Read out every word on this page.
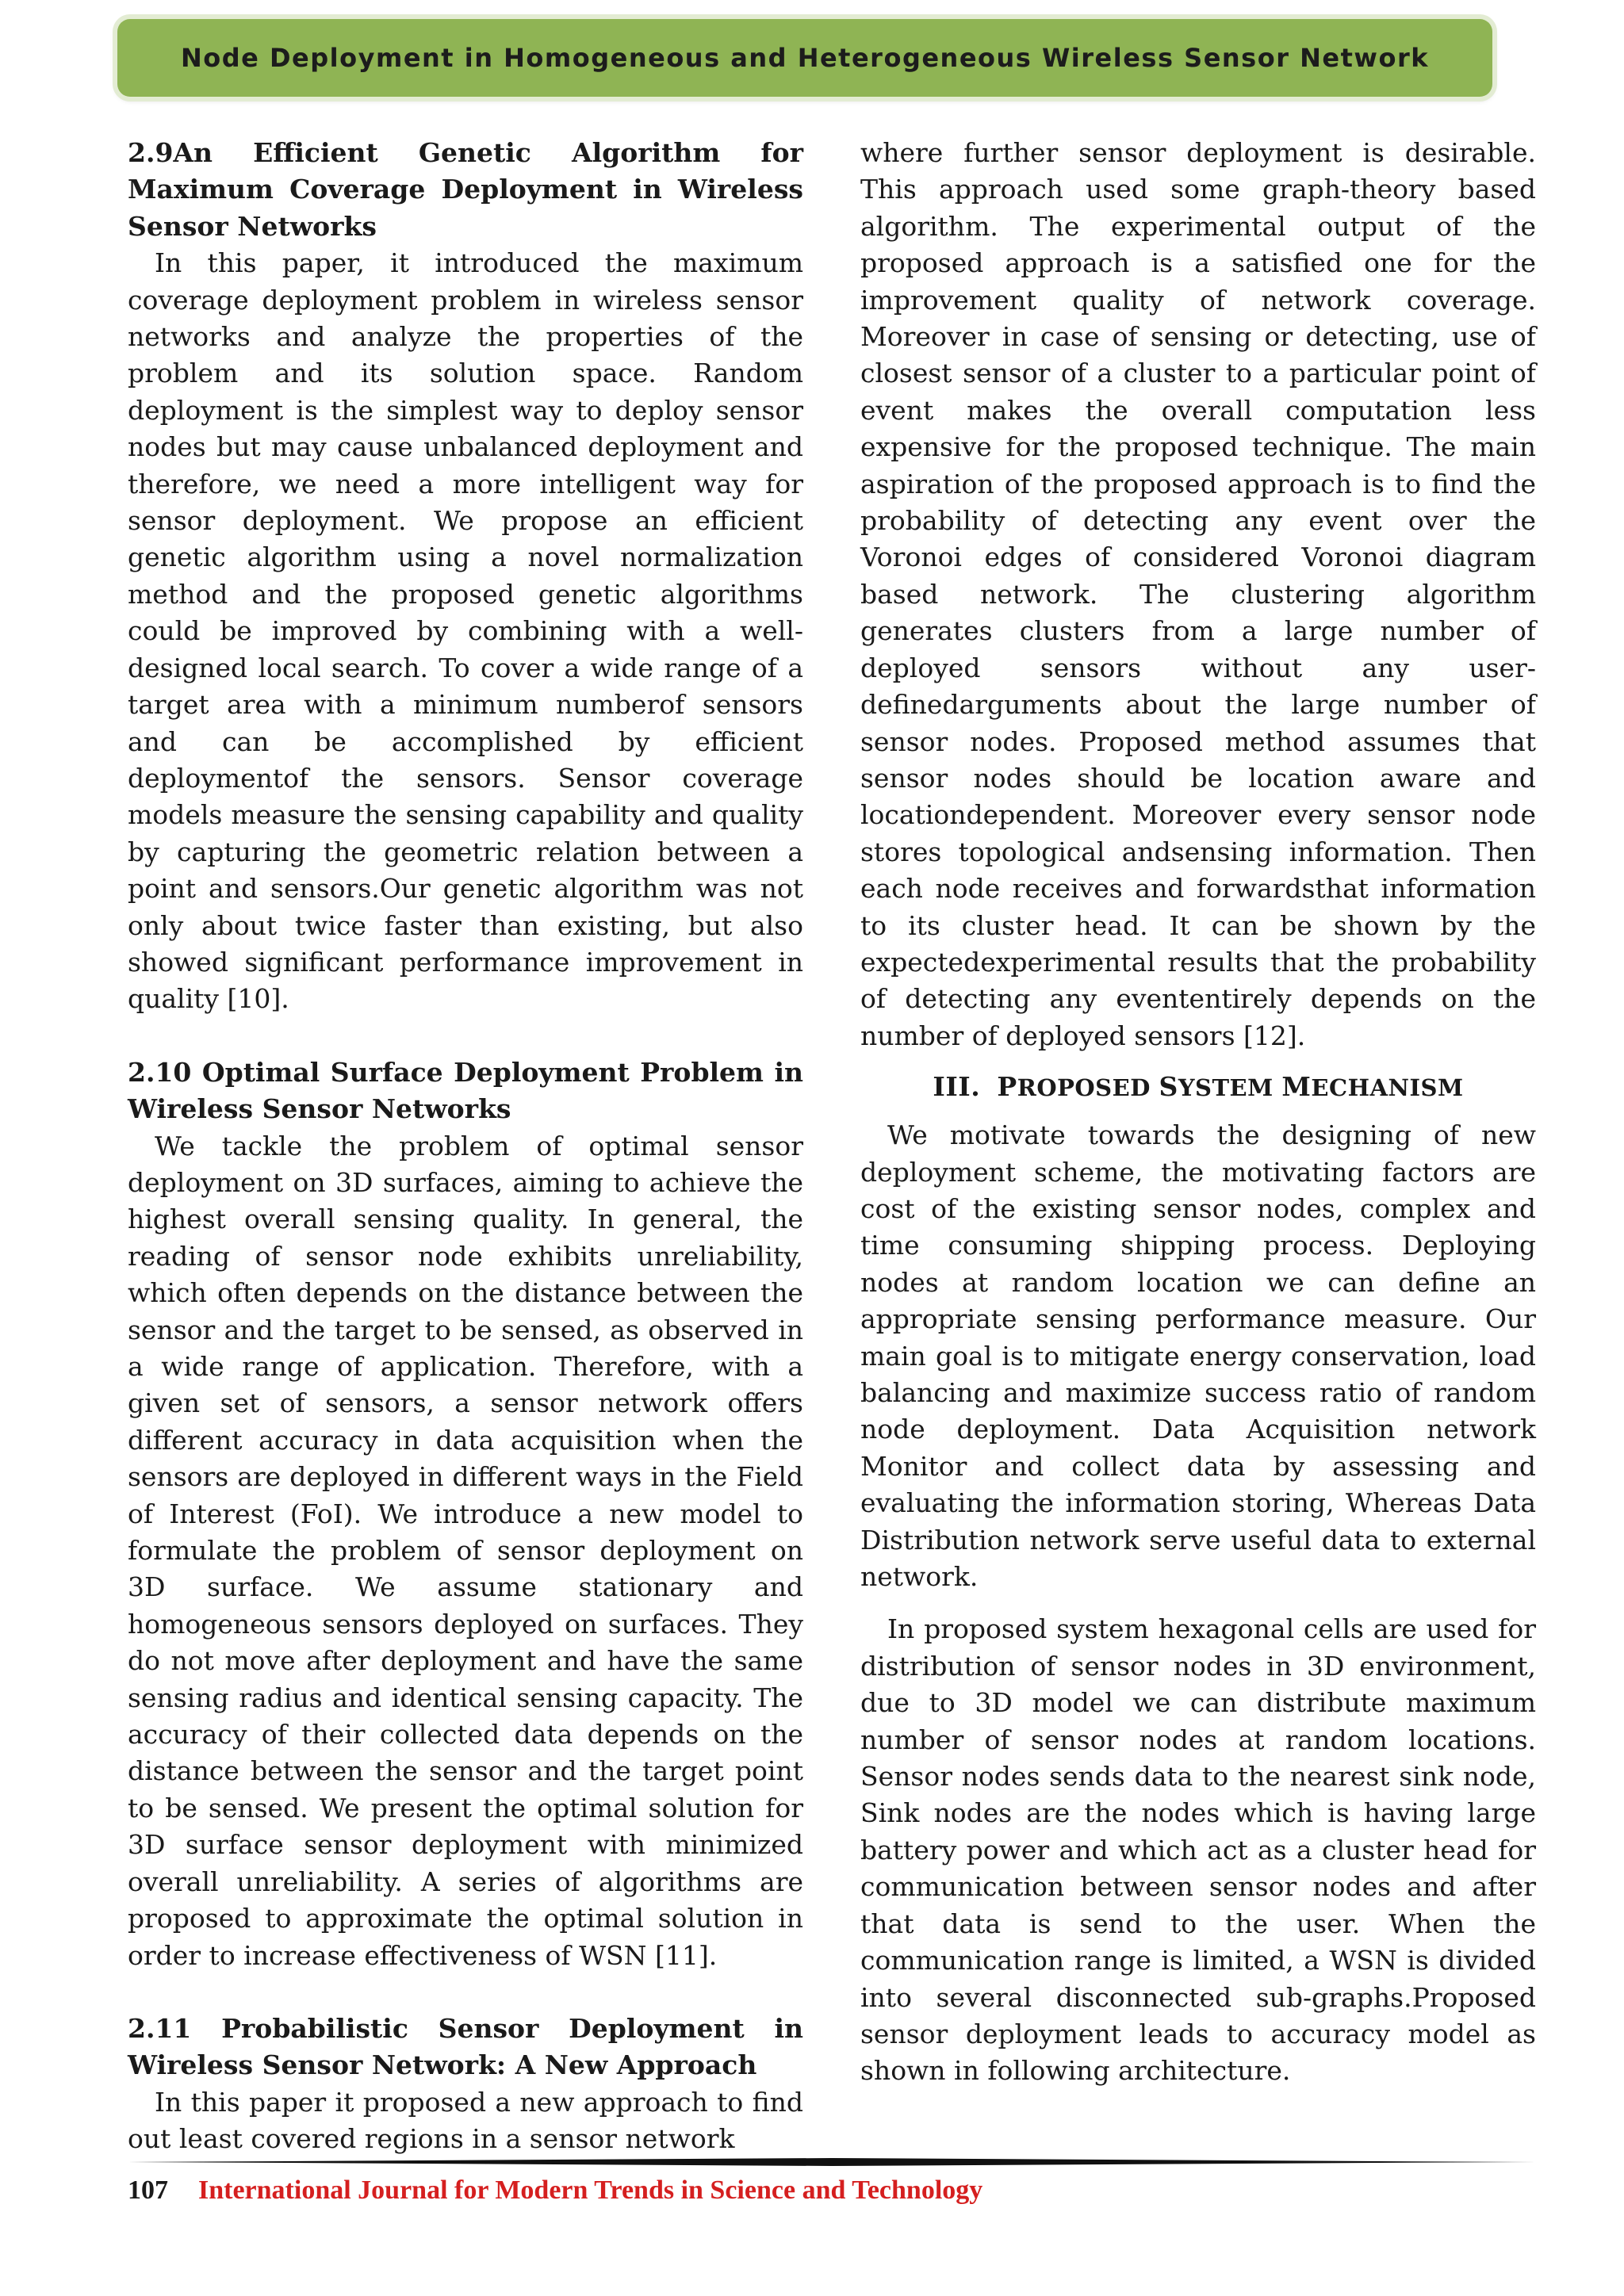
Node Deployment in Homogeneous and Heterogeneous Wireless Sensor Network
2.9An Efficient Genetic Algorithm for Maximum Coverage Deployment in Wireless Sensor Networks

In this paper, it introduced the maximum coverage deployment problem in wireless sensor networks and analyze the properties of the problem and its solution space. Random deployment is the simplest way to deploy sensor nodes but may cause unbalanced deployment and therefore, we need a more intelligent way for sensor deployment. We propose an efficient genetic algorithm using a novel normalization method and the proposed genetic algorithms could be improved by combining with a well-designed local search. To cover a wide range of a target area with a minimum numberof sensors and can be accomplished by efficient deploymentof the sensors. Sensor coverage models measure the sensing capability and quality by capturing the geometric relation between a point and sensors.Our genetic algorithm was not only about twice faster than existing, but also showed significant performance improvement in quality [10].

2.10 Optimal Surface Deployment Problem in Wireless Sensor Networks

We tackle the problem of optimal sensor deployment on 3D surfaces, aiming to achieve the highest overall sensing quality. In general, the reading of sensor node exhibits unreliability, which often depends on the distance between the sensor and the target to be sensed, as observed in a wide range of application. Therefore, with a given set of sensors, a sensor network offers different accuracy in data acquisition when the sensors are deployed in different ways in the Field of Interest (FoI). We introduce a new model to formulate the problem of sensor deployment on 3D surface. We assume stationary and homogeneous sensors deployed on surfaces. They do not move after deployment and have the same sensing radius and identical sensing capacity. The accuracy of their collected data depends on the distance between the sensor and the target point to be sensed. We present the optimal solution for 3D surface sensor deployment with minimized overall unreliability. A series of algorithms are proposed to approximate the optimal solution in order to increase effectiveness of WSN [11].

2.11 Probabilistic Sensor Deployment in Wireless Sensor Network: A New Approach

In this paper it proposed a new approach to find out least covered regions in a sensor network

where further sensor deployment is desirable. This approach used some graph-theory based algorithm. The experimental output of the proposed approach is a satisfied one for the improvement quality of network coverage. Moreover in case of sensing or detecting, use of closest sensor of a cluster to a particular point of event makes the overall computation less expensive for the proposed technique. The main aspiration of the proposed approach is to find the probability of detecting any event over the Voronoi edges of considered Voronoi diagram based network. The clustering algorithm generates clusters from a large number of deployed sensors without any user-definedarguments about the large number of sensor nodes. Proposed method assumes that sensor nodes should be location aware and locationdependent. Moreover every sensor node stores topological andsensing information. Then each node receives and forwardsthat information to its cluster head. It can be shown by the expectedexperimental results that the probability of detecting any evententirely depends on the number of deployed sensors [12].

III. PROPOSED SYSTEM MECHANISM

We motivate towards the designing of new deployment scheme, the motivating factors are cost of the existing sensor nodes, complex and time consuming shipping process. Deploying nodes at random location we can define an appropriate sensing performance measure. Our main goal is to mitigate energy conservation, load balancing and maximize success ratio of random node deployment. Data Acquisition network Monitor and collect data by assessing and evaluating the information storing, Whereas Data Distribution network serve useful data to external network.

In proposed system hexagonal cells are used for distribution of sensor nodes in 3D environment, due to 3D model we can distribute maximum number of sensor nodes at random locations. Sensor nodes sends data to the nearest sink node, Sink nodes are the nodes which is having large battery power and which act as a cluster head for communication between sensor nodes and after that data is send to the user. When the communication range is limited, a WSN is divided into several disconnected sub-graphs.Proposed sensor deployment leads to accuracy model as shown in following architecture.

107 International Journal for Modern Trends in Science and Technology
